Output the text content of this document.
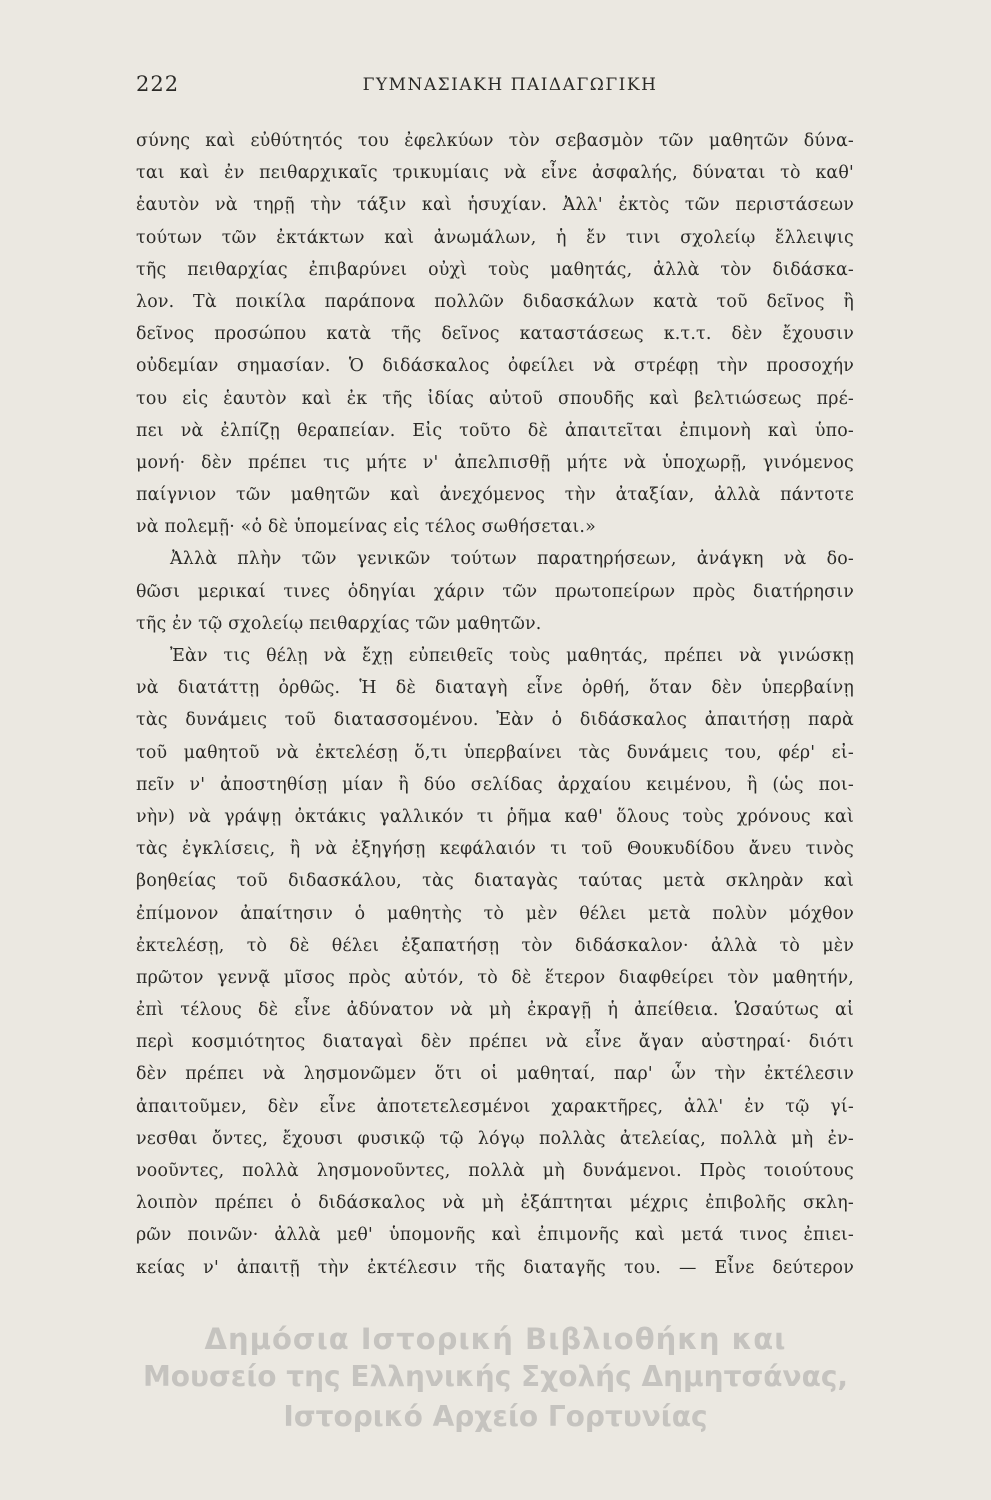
222	ΓΥΜΝΑΣΙΑΚΗ ΠΑΙΔΑΓΩΓΙΚΗ
σύνης καὶ εὐθύτητός του ἐφελκύων τὸν σεβασμὸν τῶν μαθητῶν δύνα-
ται καὶ ἐν πειθαρχικαῖς τρικυμίαις νὰ εἶνε ἀσφαλής, δύναται τὸ καθ'
ἑαυτὸν νὰ τηρῇ τὴν τάξιν καὶ ἡσυχίαν. Ἀλλ' ἐκτὸς τῶν περιστάσεων
τούτων τῶν ἐκτάκτων καὶ ἀνωμάλων, ἡ ἔν τινι σχολείῳ ἔλλειψις
τῆς πειθαρχίας ἐπιβαρύνει οὐχὶ τοὺς μαθητάς, ἀλλὰ τὸν διδάσκα-
λον. Τὰ ποικίλα παράπονα πολλῶν διδασκάλων κατὰ τοῦ δεῖνος ἢ
δεῖνος προσώπου κατὰ τῆς δεῖνος καταστάσεως κ.τ.τ. δὲν ἔχουσιν
οὐδεμίαν σημασίαν. Ὁ διδάσκαλος ὀφείλει νὰ στρέφῃ τὴν προσοχήν
του εἰς ἑαυτὸν καὶ ἐκ τῆς ἰδίας αὐτοῦ σπουδῆς καὶ βελτιώσεως πρέ-
πει νὰ ἐλπίζῃ θεραπείαν. Εἰς τοῦτο δὲ ἀπαιτεῖται ἐπιμονὴ καὶ ὑπο-
μονή· δὲν πρέπει τις μήτε ν' ἀπελπισθῇ μήτε νὰ ὑποχωρῇ, γινόμενος
παίγνιον τῶν μαθητῶν καὶ ἀνεχόμενος τὴν ἀταξίαν, ἀλλὰ πάντοτε
νὰ πολεμῇ· «ὁ δὲ ὑπομείνας εἰς τέλος σωθήσεται.»
Ἀλλὰ πλὴν τῶν γενικῶν τούτων παρατηρήσεων, ἀνάγκη νὰ δο-
θῶσι μερικαί τινες ὁδηγίαι χάριν τῶν πρωτοπείρων πρὸς διατήρησιν
τῆς ἐν τῷ σχολείῳ πειθαρχίας τῶν μαθητῶν.
Ἐὰν τις θέλῃ νὰ ἔχῃ εὐπειθεῖς τοὺς μαθητάς, πρέπει νὰ γινώσκῃ
νὰ διατάττῃ ὀρθῶς. Ἡ δὲ διαταγὴ εἶνε ὀρθή, ὅταν δὲν ὑπερβαίνῃ
τὰς δυνάμεις τοῦ διατασσομένου. Ἐὰν ὁ διδάσκαλος ἀπαιτήσῃ παρὰ
τοῦ μαθητοῦ νὰ ἐκτελέσῃ ὅ,τι ὑπερβαίνει τὰς δυνάμεις του, φέρ' εἰ-
πεῖν ν' ἀποστηθίσῃ μίαν ἢ δύο σελίδας ἀρχαίου κειμένου, ἢ (ὡς ποι-
νὴν) νὰ γράψῃ ὀκτάκις γαλλικόν τι ῥῆμα καθ' ὅλους τοὺς χρόνους καὶ
τὰς ἐγκλίσεις, ἢ νὰ ἐξηγήσῃ κεφάλαιόν τι τοῦ Θουκυδίδου ἄνευ τινὸς
βοηθείας τοῦ διδασκάλου, τὰς διαταγὰς ταύτας μετὰ σκληρὰν καὶ
ἐπίμονον ἀπαίτησιν ὁ μαθητὴς τὸ μὲν θέλει μετὰ πολὺν μόχθον
ἐκτελέσῃ, τὸ δὲ θέλει ἐξαπατήσῃ τὸν διδάσκαλον· ἀλλὰ τὸ μὲν
πρῶτον γεννᾷ μῖσος πρὸς αὐτόν, τὸ δὲ ἕτερον διαφθείρει τὸν μαθητήν,
ἐπὶ τέλους δὲ εἶνε ἀδύνατον νὰ μὴ ἐκραγῇ ἡ ἀπείθεια. Ὡσαύτως αἱ
περὶ κοσμιότητος διαταγαὶ δὲν πρέπει νὰ εἶνε ἄγαν αὐστηραί· διότι
δὲν πρέπει νὰ λησμονῶμεν ὅτι οἱ μαθηταί, παρ' ὧν τὴν ἐκτέλεσιν
ἀπαιτοῦμεν, δὲν εἶνε ἀποτετελεσμένοι χαρακτῆρες, ἀλλ' ἐν τῷ γί-
νεσθαι ὄντες, ἔχουσι φυσικῷ τῷ λόγῳ πολλὰς ἀτελείας, πολλὰ μὴ ἐν-
νοοῦντες, πολλὰ λησμονοῦντες, πολλὰ μὴ δυνάμενοι. Πρὸς τοιούτους
λοιπὸν πρέπει ὁ διδάσκαλος νὰ μὴ ἐξάπτηται μέχρις ἐπιβολῆς σκλη-
ρῶν ποινῶν· ἀλλὰ μεθ' ὑπομονῆς καὶ ἐπιμονῆς καὶ μετά τινος ἐπιει-
κείας ν' ἀπαιτῇ τὴν ἐκτέλεσιν τῆς διαταγῆς του. — Εἶνε δεύτερον
Δημόσια Ιστορική Βιβλιοθήκη και
Μουσείο της Ελληνικής Σχολής Δημητσάνας,
Ιστορικό Αρχείο Γορτυνίας
